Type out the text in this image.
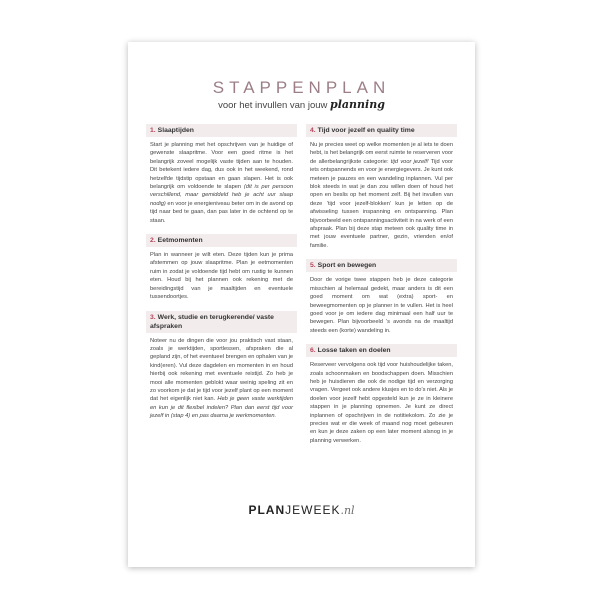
STAPPENPLAN
voor het invullen van jouw planning
1. Slaaptijden
Start je planning met het opschrijven van je huidige of gewenste slaapritme. Voor een goed ritme is het belangrijk zoveel mogelijk vaste tijden aan te houden. Dit betekent iedere dag, dus ook in het weekend, rond hetzelfde tijdstip opstaan en gaan slapen. Het is ook belangrijk om voldoende te slapen (dit is per persoon verschillend, maar gemiddeld heb je acht uur slaap nodig) en voor je energieniveau beter om in de avond op tijd naar bed te gaan, dan pas later in de ochtend op te staan.
2. Eetmomenten
Plan in wanneer je wilt eten. Deze tijden kun je prima afstemmen op jouw slaapritme. Plan je eetmomenten ruim in zodat je voldoende tijd hebt om rustig te kunnen eten. Houd bij het plannen ook rekening met de bereidingstijd van je maaltijden en eventuele tussendoortjes.
3. Werk, studie en terugkerende/ vaste afspraken
Noteer nu de dingen die voor jou praktisch vast staan, zoals je werktijden, sportlessen, afspraken die al gepland zijn, of het eventueel brengen en ophalen van je kind(eren). Vul deze dagdelen en momenten in en houd hierbij ook rekening met eventuele reistijd. Zo heb je mooi alle momenten geblokt waar weinig speling zit en zo voorkom je dat je tijd voor jezelf plant op een moment dat het eigenlijk niet kan. Heb je geen vaste werktijden en kun je dit flexibel indelen? Plan dan eerst tijd voor jezelf in (stap 4) en pas daarna je werkmomenten.
4. Tijd voor jezelf en quality time
Nu je precies weet op welke momenten je al iets te doen hebt, is het belangrijk om eerst ruimte te reserveren voor de allerbelangrijkste categorie: tijd voor jezelf! Tijd voor iets ontspannends en voor je energiegevers. Je kunt ook meteen je pauzes en een wandeling inplannen. Vul per blok steeds in wat je dan zou willen doen of houd het open en beslis op het moment zelf. Bij het invullen van deze ‘tijd voor jezelf-blokken’ kun je letten op de afwisseling tussen inspanning en ontspanning. Plan bijvoorbeeld een ontspanningsactiviteit in na werk of een afspraak. Plan bij deze stap meteen ook quality time in met jouw eventuele partner, gezin, vrienden en/of familie.
5. Sport en bewegen
Door de vorige twee stappen heb je deze categorie misschien al helemaal gedekt, maar anders is dit een goed moment om wat (extra) sport- en beweegmomenten op je planner in te vullen. Het is heel goed voor je om iedere dag minimaal een half uur te bewegen. Plan bijvoorbeeld ’s avonds na de maaltijd steeds een (korte) wandeling in.
6. Losse taken en doelen
Reserveer vervolgens ook tijd voor huishoudelijke taken, zoals schoonmaken en boodschappen doen. Misschien heb je huisdieren die ook de nodige tijd en verzorging vragen. Vergeet ook andere klusjes en to do’s niet. Als je doelen voor jezelf hebt opgesteld kun je ze in kleinere stappen in je planning opnemen. Je kunt ze direct inplannen of opschrijven in de notitiekolom. Zo zie je precies wat er die week of maand nog moet gebeuren en kun je deze zaken op een later moment alsnog in je planning verwerken.
PLANJEWEEK.nl
